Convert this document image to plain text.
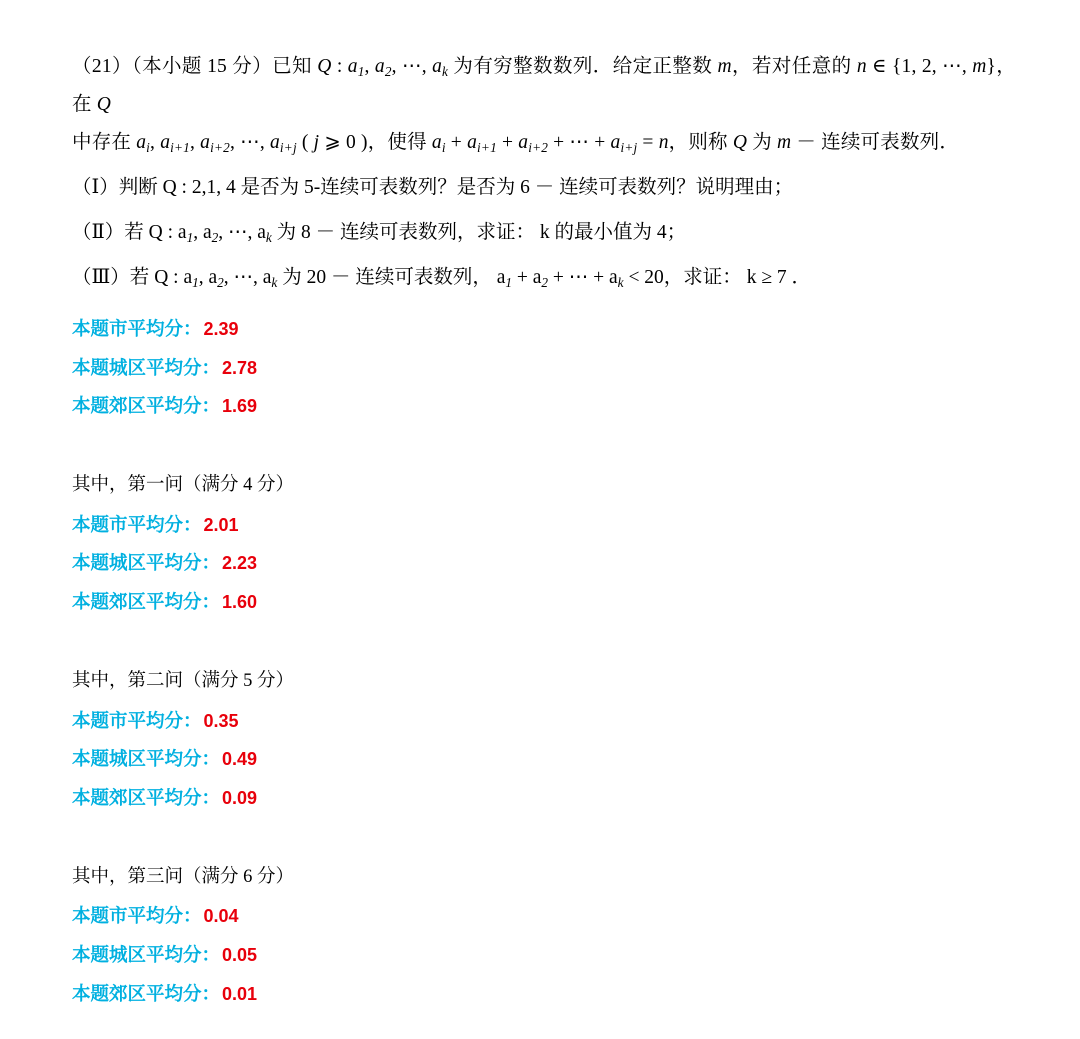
（21）（本小题 15 分）已知 Q : $a_1$, $a_2$, ⋯, $a_k$ 为有穷整数数列．给定正整数 m，若对任意的 n ∈ {1, 2, ⋯, m}，在 Q
中存在 $a_i$, $a_{i+1}$, $a_{i+2}$, ⋯, $a_{i+j}$ ( j ⩾ 0 )，使得 $a_i + a_{i+1} + a_{i+2}$ + ⋯ + $a_{i+j} = n$，则称 Q 为 m － 连续可表数列．
（Ⅰ）判断 Q : 2,1, 4 是否为 5-连续可表数列？是否为 6 － 连续可表数列？说明理由；
（Ⅱ）若 Q : $a_1$, $a_2$, ⋯, $a_k$ 为 8 － 连续可表数列，求证： k 的最小值为 4；
（Ⅲ）若 Q : $a_1$, $a_2$, ⋯, $a_k$ 为 20 － 连续可表数列， $a_1 + a_2$ + ⋯ + $a_k < 20$，求证： k ≥ 7 ．
本题市平均分： 2.39
本题城区平均分： 2.78
本题郊区平均分： 1.69
其中，第一问（满分 4 分）
本题市平均分： 2.01
本题城区平均分： 2.23
本题郊区平均分： 1.60
其中，第二问（满分 5 分）
本题市平均分： 0.35
本题城区平均分： 0.49
本题郊区平均分： 0.09
其中，第三问（满分 6 分）
本题市平均分： 0.04
本题城区平均分： 0.05
本题郊区平均分： 0.01
